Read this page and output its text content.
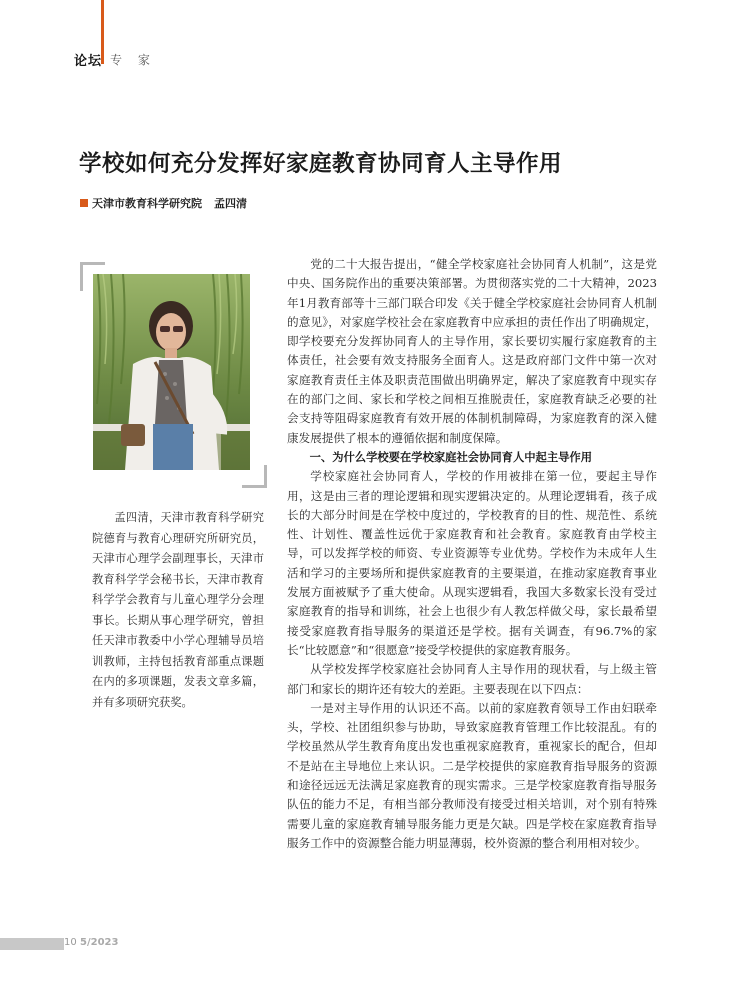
论坛 专 家
学校如何充分发挥好家庭教育协同育人主导作用
天津市教育科学研究院 孟四清

孟四清，天津市教育科学研究院德育与教育心理研究所研究员，天津市心理学会副理事长，天津市教育科学学会秘书长，天津市教育科学学会教育与儿童心理学分会理事长。长期从事心理学研究，曾担任天津市教委中小学心理辅导员培训教师，主持包括教育部重点课题在内的多项课题，发表文章多篇，并有多项研究获奖。

党的二十大报告提出，“健全学校家庭社会协同育人机制”，这是党中央、国务院作出的重要决策部署。为贯彻落实党的二十大精神，2023年1月教育部等十三部门联合印发《关于健全学校家庭社会协同育人机制的意见》，对家庭学校社会在家庭教育中应承担的责任作出了明确规定，即学校要充分发挥协同育人的主导作用，家长要切实履行家庭教育的主体责任，社会要有效支持服务全面育人。这是政府部门文件中第一次对家庭教育责任主体及职责范围做出明确界定，解决了家庭教育中现实存在的部门之间、家长和学校之间相互推脱责任，家庭教育缺乏必要的社会支持等阻碍家庭教育有效开展的体制机制障碍，为家庭教育的深入健康发展提供了根本的遵循依据和制度保障。

一、为什么学校要在学校家庭社会协同育人中起主导作用

学校家庭社会协同育人，学校的作用被排在第一位，要起主导作用，这是由三者的理论逻辑和现实逻辑决定的。从理论逻辑看，孩子成长的大部分时间是在学校中度过的，学校教育的目的性、规范性、系统性、计划性、覆盖性远优于家庭教育和社会教育。家庭教育由学校主导，可以发挥学校的师资、专业资源等专业优势。学校作为未成年人生活和学习的主要场所和提供家庭教育的主要渠道，在推动家庭教育事业发展方面被赋予了重大使命。从现实逻辑看，我国大多数家长没有受过家庭教育的指导和训练，社会上也很少有人教怎样做父母，家长最希望接受家庭教育指导服务的渠道还是学校。据有关调查，有96.7%的家长“比较愿意”和“很愿意”接受学校提供的家庭教育服务。

从学校发挥学校家庭社会协同育人主导作用的现状看，与上级主管部门和家长的期许还有较大的差距。主要表现在以下四点：

一是对主导作用的认识还不高。以前的家庭教育领导工作由妇联牵头，学校、社团组织参与协助，导致家庭教育管理工作比较混乱。有的学校虽然从学生教育角度出发也重视家庭教育，重视家长的配合，但却不是站在主导地位上来认识。二是学校提供的家庭教育指导服务的资源和途径远远无法满足家庭教育的现实需求。三是学校家庭教育指导服务队伍的能力不足，有相当部分教师没有接受过相关培训，对个别有特殊需要儿童的家庭教育辅导服务能力更是欠缺。四是学校在家庭教育指导服务工作中的资源整合能力明显薄弱，校外资源的整合利用相对较少。

10 5/2023
